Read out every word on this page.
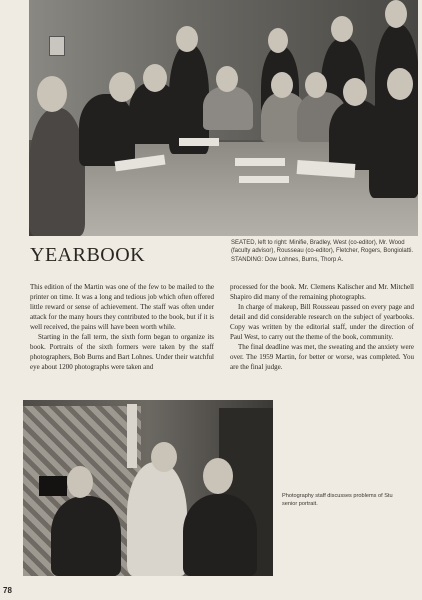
YEARBOOK
SEATED, left to right: Minifie, Bradley, West (co-editor), Mr. Wood
(faculty advisor), Rousseau (co-editor), Fletcher, Rogers, Bongiolatti.
STANDING: Dow Lohnes, Burns, Thorp A.

This edition of the Martin was one of the few to be mailed to the printer on time. It was a long and tedious job which often offered little reward or sense of achievement. The staff was often under attack for the many hours they contributed to the book, but if it is well received, the pains will have been worth while.

Starting in the fall term, the sixth form began to organize its book. Portraits of the sixth formers were taken by the staff photographers, Bob Burns and Bart Lohnes. Under their watchful eye about 1200 photographs were taken and

processed for the book. Mr. Clemens Kalischer and Mr. Mitchell Shapiro did many of the remaining photographs.

In charge of makeup, Bill Rousseau passed on every page and detail and did considerable research on the subject of yearbooks. Copy was written by the editorial staff, under the direction of Paul West, to carry out the theme of the book, community.

The final deadline was met, the sweating and the anxiety were over. The 1959 Martin, for better or worse, was completed. You are the final judge.

Photography staff discusses problems of Stu
senior portrait.
78
